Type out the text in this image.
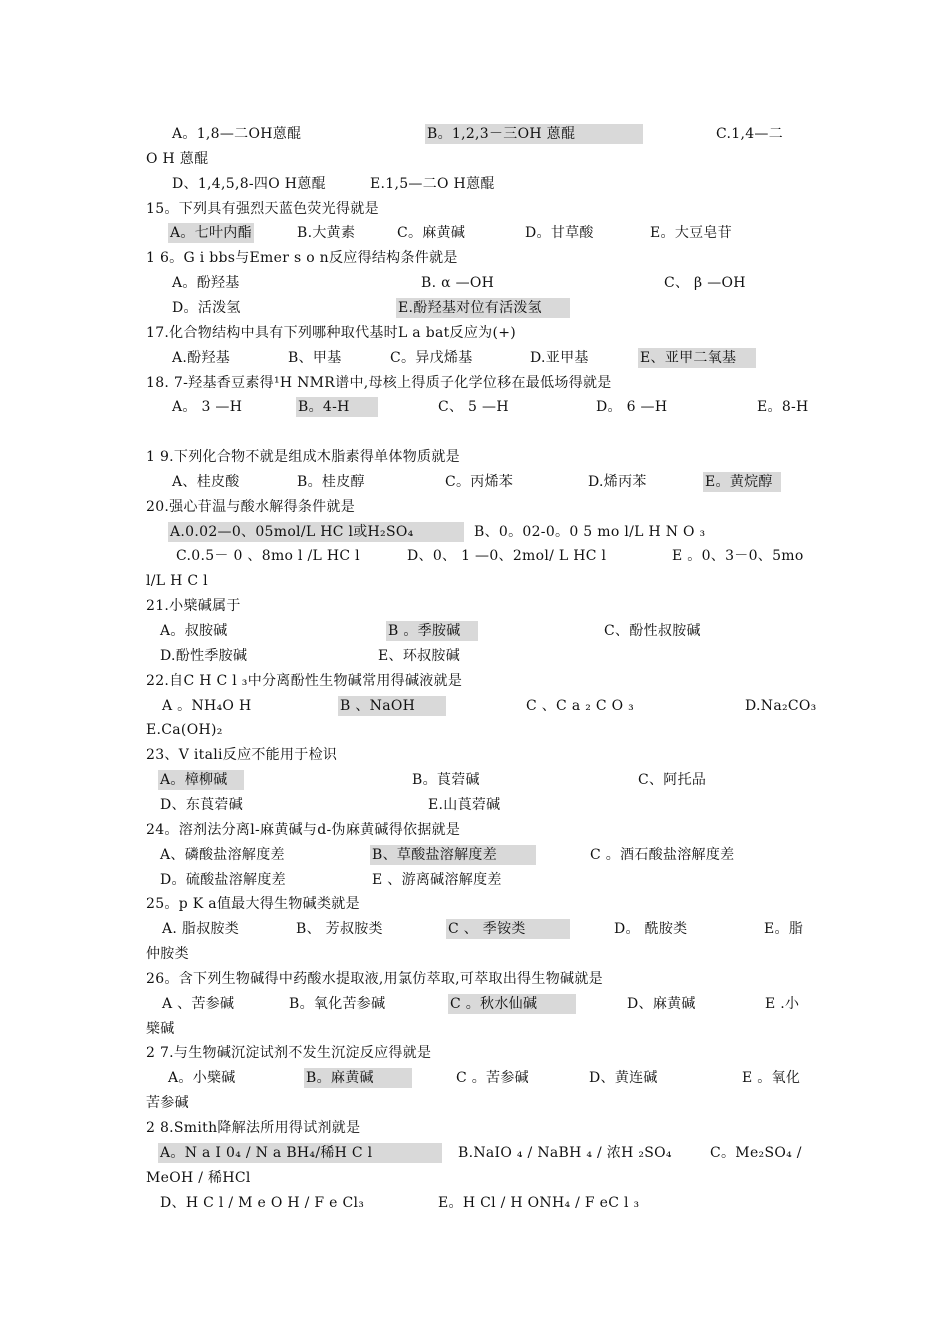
A。1,8—二OH蒽醌	B。1,2,3－三OH 蒽醌	C.1,4—二
O H 蒽醌
D、1,4,5,8-四O H蒽醌	E.1,5—二O H蒽醌
15。下列具有强烈天蓝色荧光得就是
A。七叶内酯	B.大黄素	C。麻黄碱	D。甘草酸	E。大豆皂苷
1 6。G i bbs与Emer s o n反应得结构条件就是
A。酚羟基	B. α —OH	C、 β —OH
D。活泼氢	E.酚羟基对位有活泼氢
17.化合物结构中具有下列哪种取代基时L a bat反应为(+)
A.酚羟基	B、甲基	C。异戊烯基	D.亚甲基	E、亚甲二氧基
18. 7-羟基香豆素得¹H NMR谱中,母核上得质子化学位移在最低场得就是
A。 3 —H	B。4-H	C、 5 —H	D。 6 —H	E。8-H
1 9.下列化合物不就是组成木脂素得单体物质就是
A、桂皮酸	B。桂皮醇	C。丙烯苯	D.烯丙苯	E。黄烷醇
20.强心苷温与酸水解得条件就是
A.0.02—0、05mol/L HC l或H₂SO₄	B、0。02-0。0 5 mo l/L H N O ₃
C.0.5－ 0 、8mo l /L HC l	D、0、 1 —0、2mol/ L HC l	E 。0、3－0、5mo
l/L H C l
21.小檗碱属于
A。叔胺碱	B 。季胺碱	C、酚性叔胺碱
D.酚性季胺碱	E、环叔胺碱
22.自C H C l ₃中分离酚性生物碱常用得碱液就是
A 。NH₄O H	B 、NaOH	C 、C a ₂ C O ₃	D.Na₂CO₃
E.Ca(OH)₂
23、V itali反应不能用于检识
A。樟柳碱	B。莨菪碱	C、阿托品
D、东莨菪碱	E.山莨菪碱
24。溶剂法分离l-麻黄碱与d-伪麻黄碱得依据就是
A、磷酸盐溶解度差	B、草酸盐溶解度差	C 。酒石酸盐溶解度差
D。硫酸盐溶解度差	E 、游离碱溶解度差
25。p K a值最大得生物碱类就是
A. 脂叔胺类	B、 芳叔胺类	C 、 季铵类	D。 酰胺类	E。脂
仲胺类
26。含下列生物碱得中药酸水提取液,用氯仿萃取,可萃取出得生物碱就是
A 、苦参碱	B。氧化苦参碱	C 。秋水仙碱	D、麻黄碱	E .小
檗碱
2 7.与生物碱沉淀试剂不发生沉淀反应得就是
A。小檗碱	B。麻黄碱	C 。苦参碱	D、黄连碱	E 。氧化
苦参碱
2 8.Smith降解法所用得试剂就是
A。N a I 0₄ / N a BH₄/稀H C l	B.NaIO ₄ / NaBH ₄ / 浓H ₂SO₄	C。Me₂SO₄ /
MeOH / 稀HCl
D、H C l / M e O H / F e Cl₃	E。H Cl / H ONH₄ / F eC l ₃
